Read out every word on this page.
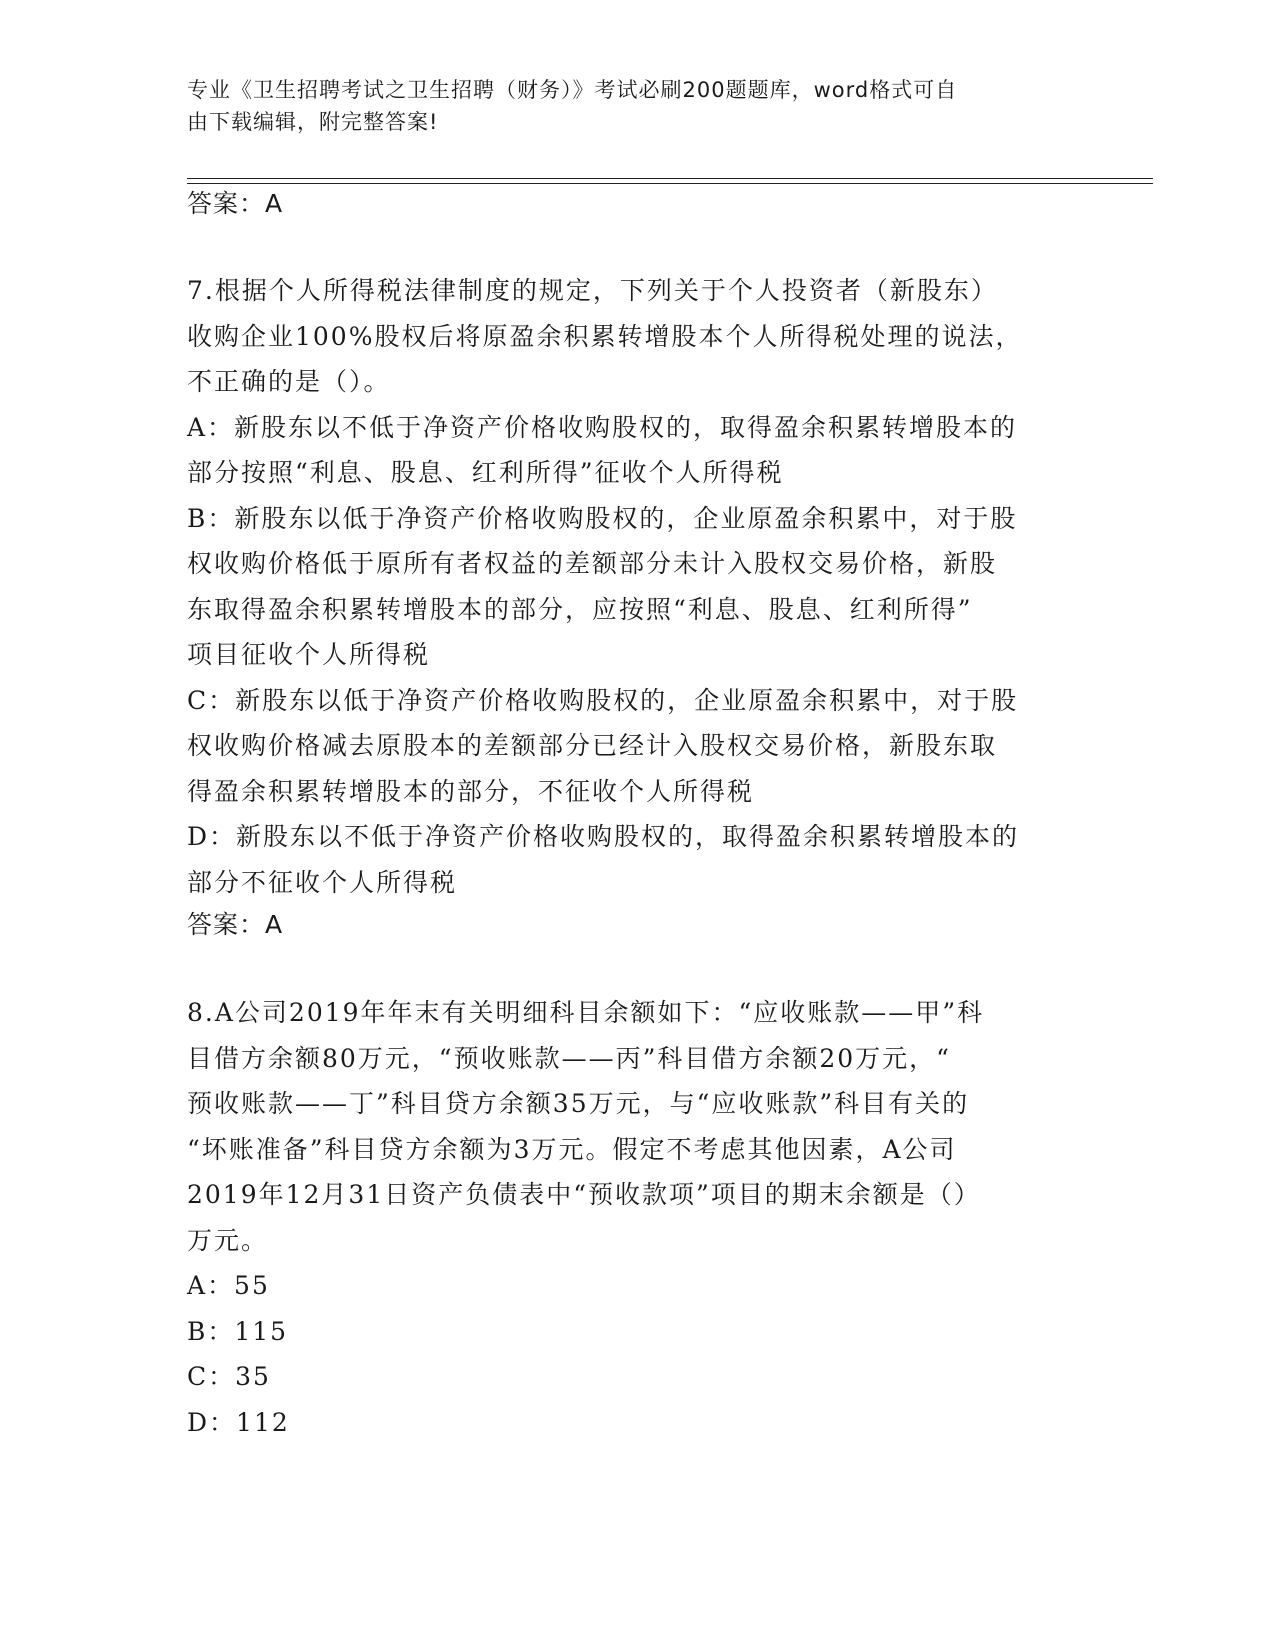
专业《卫生招聘考试之卫生招聘（财务）》考试必刷200题题库，word格式可自
由下载编辑，附完整答案!
答案：A

7.根据个人所得税法律制度的规定，下列关于个人投资者（新股东）

收购企业100%股权后将原盈余积累转增股本个人所得税处理的说法，

不正确的是（）。

A：新股东以不低于净资产价格收购股权的，取得盈余积累转增股本的

部分按照“利息、股息、红利所得”征收个人所得税

B：新股东以低于净资产价格收购股权的，企业原盈余积累中，对于股

权收购价格低于原所有者权益的差额部分未计入股权交易价格，新股

东取得盈余积累转增股本的部分，应按照“利息、股息、红利所得”

项目征收个人所得税

C：新股东以低于净资产价格收购股权的，企业原盈余积累中，对于股

权收购价格减去原股本的差额部分已经计入股权交易价格，新股东取

得盈余积累转增股本的部分，不征收个人所得税

D：新股东以不低于净资产价格收购股权的，取得盈余积累转增股本的

部分不征收个人所得税

答案：A

8.A公司2019年年末有关明细科目余额如下：“应收账款——甲”科

目借方余额80万元，“预收账款——丙”科目借方余额20万元，“

预收账款——丁”科目贷方余额35万元，与“应收账款”科目有关的

“坏账准备”科目贷方余额为3万元。假定不考虑其他因素，A公司

2019年12月31日资产负债表中“预收款项”项目的期末余额是（）

万元。

A：55

B：115

C：35

D：112
